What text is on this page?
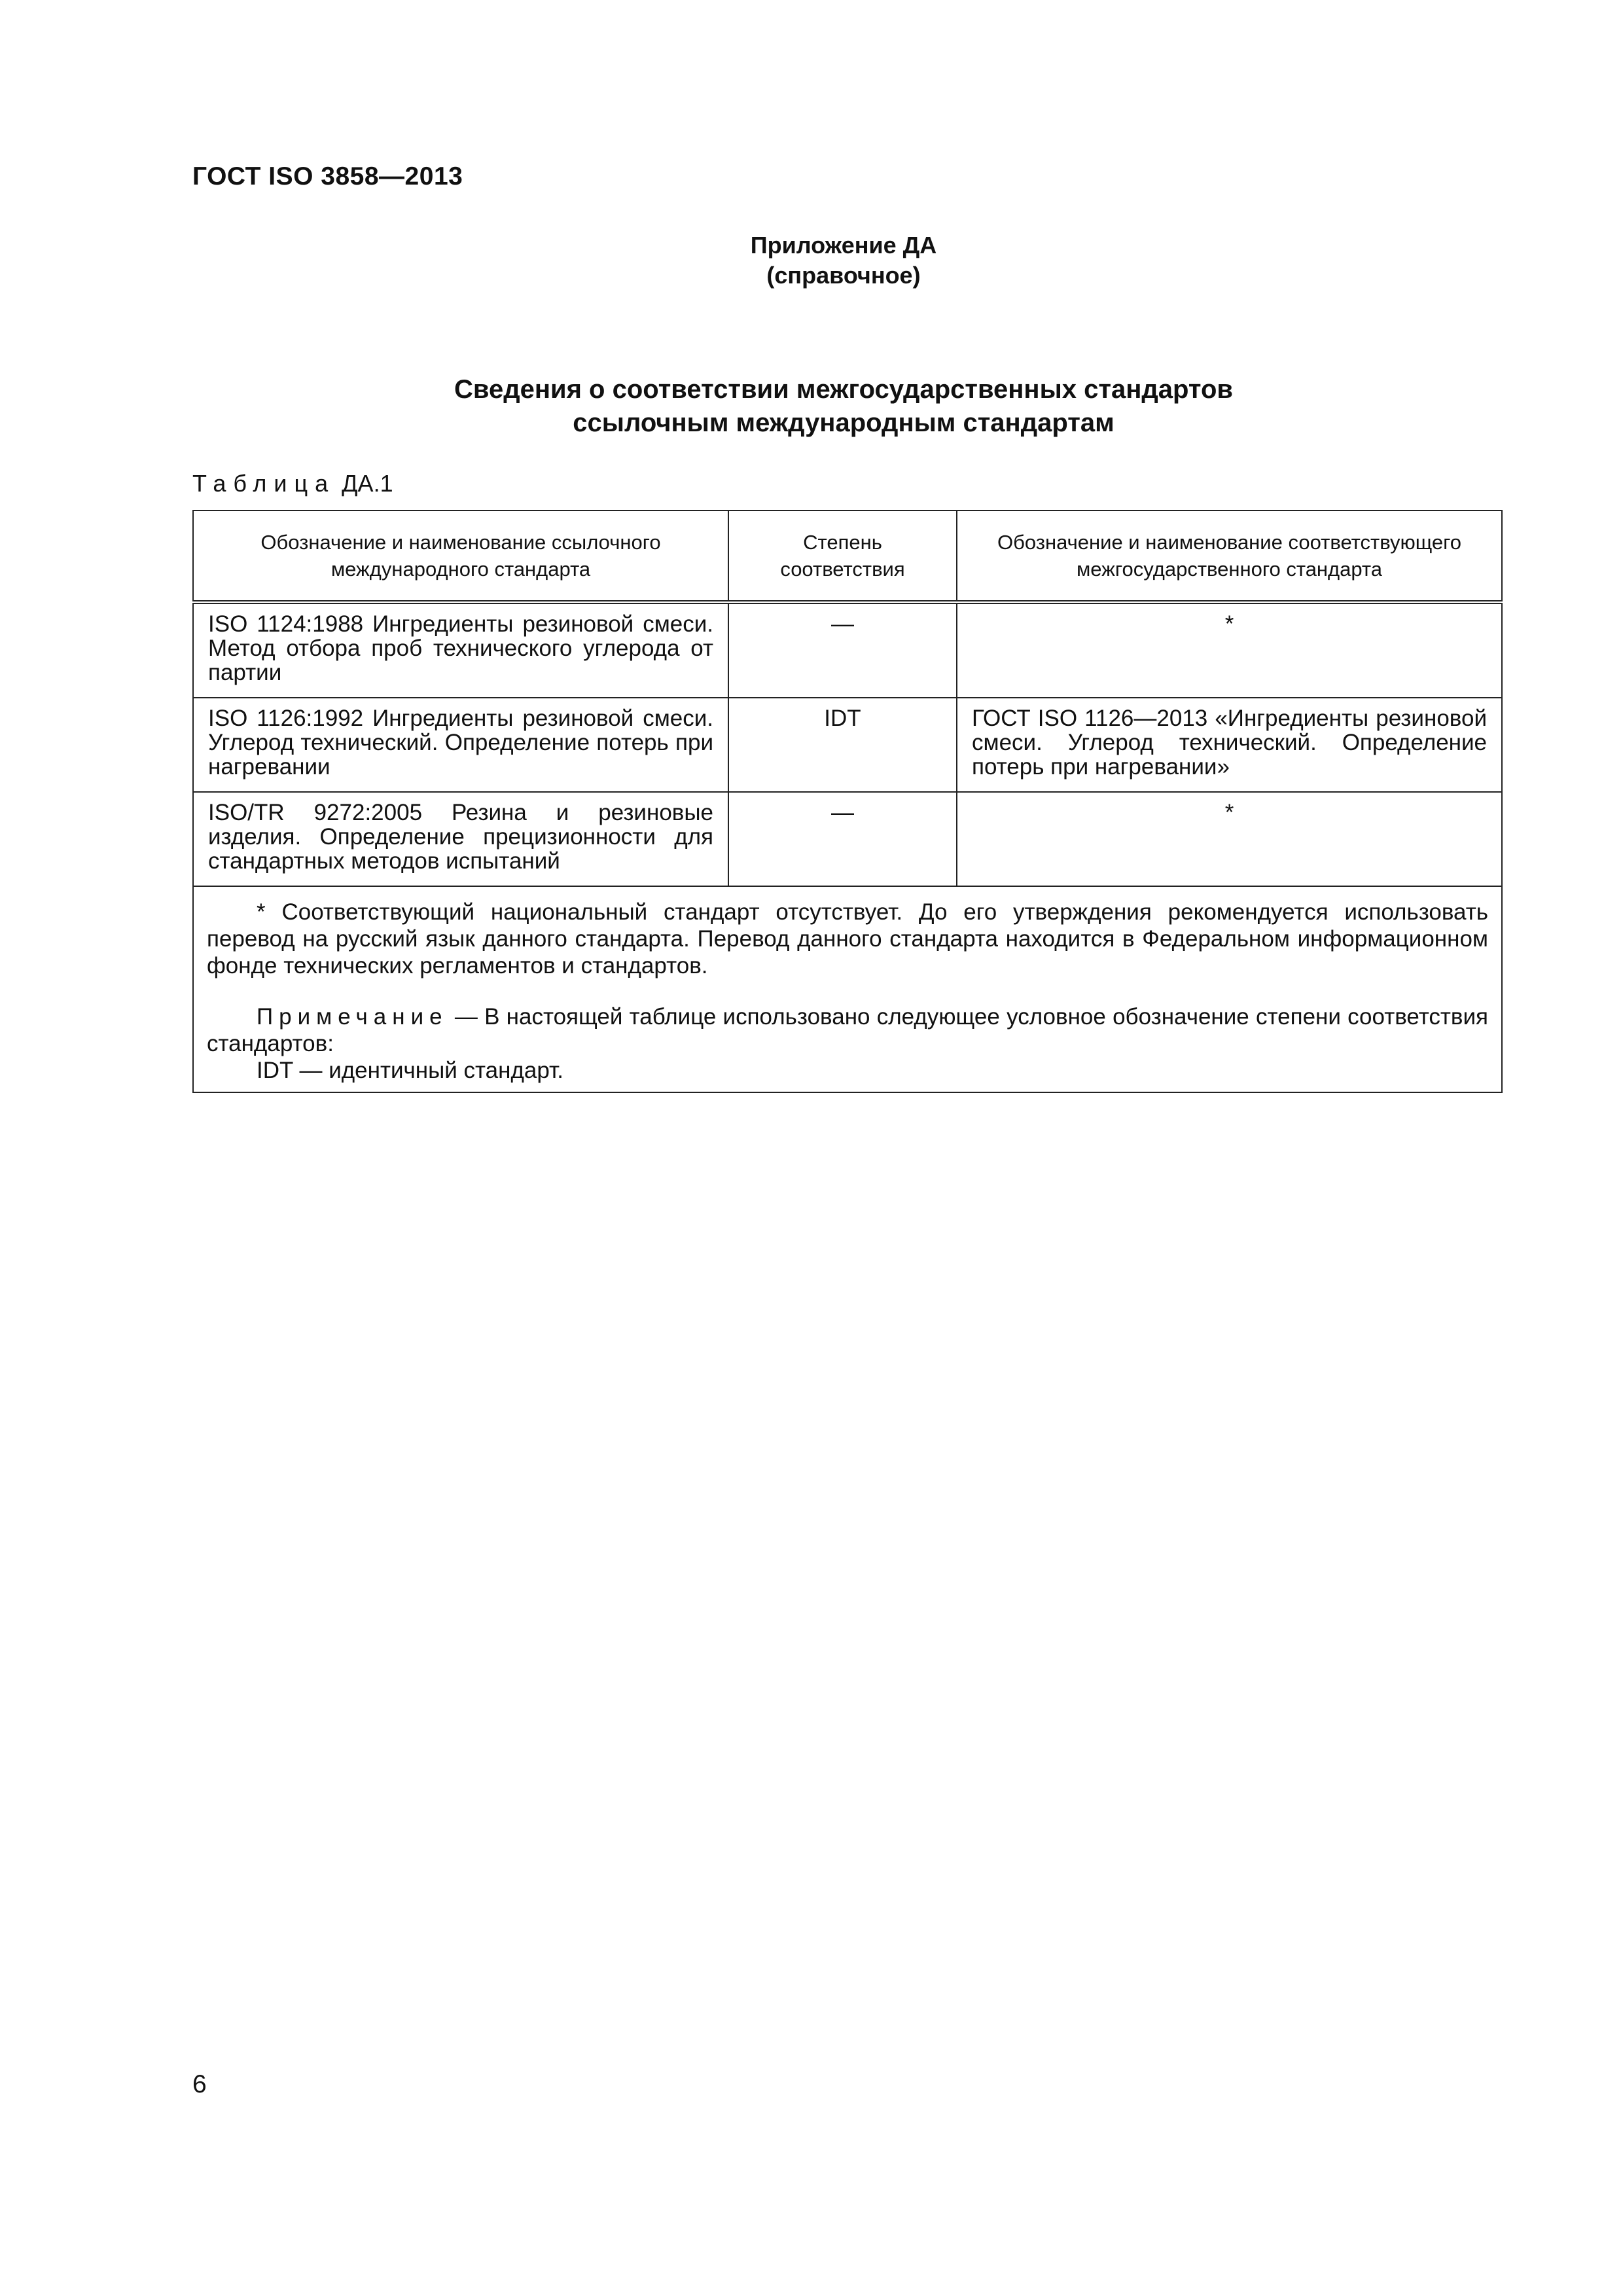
ГОСТ ISO 3858—2013
Приложение ДА
(справочное)
Сведения о соответствии межгосударственных стандартов
ссылочным международным стандартам
Таблица ДА.1
Обозначение и наименование ссылочного международного стандарта	Степень соответствия	Обозначение и наименование соответствующего межгосударственного стандарта
ISO 1124:1988 Ингредиенты резиновой смеси. Метод отбора проб технического углерода от партии	—	*
ISO 1126:1992 Ингредиенты резиновой смеси. Углерод технический. Определение потерь при нагревании	IDT	ГОСТ ISO 1126—2013 «Ингредиенты резиновой смеси. Углерод технический. Определение потерь при нагревании»
ISO/TR 9272:2005 Резина и резиновые изделия. Определение прецизионности для стандартных методов испытаний	—	*

* Соответствующий национальный стандарт отсутствует. До его утверждения рекомендуется использовать перевод на русский язык данного стандарта. Перевод данного стандарта находится в Федеральном информационном фонде технических регламентов и стандартов.

Примечание — В настоящей таблице использовано следующее условное обозначение степени соответствия стандартов:

IDT — идентичный стандарт.		

6
